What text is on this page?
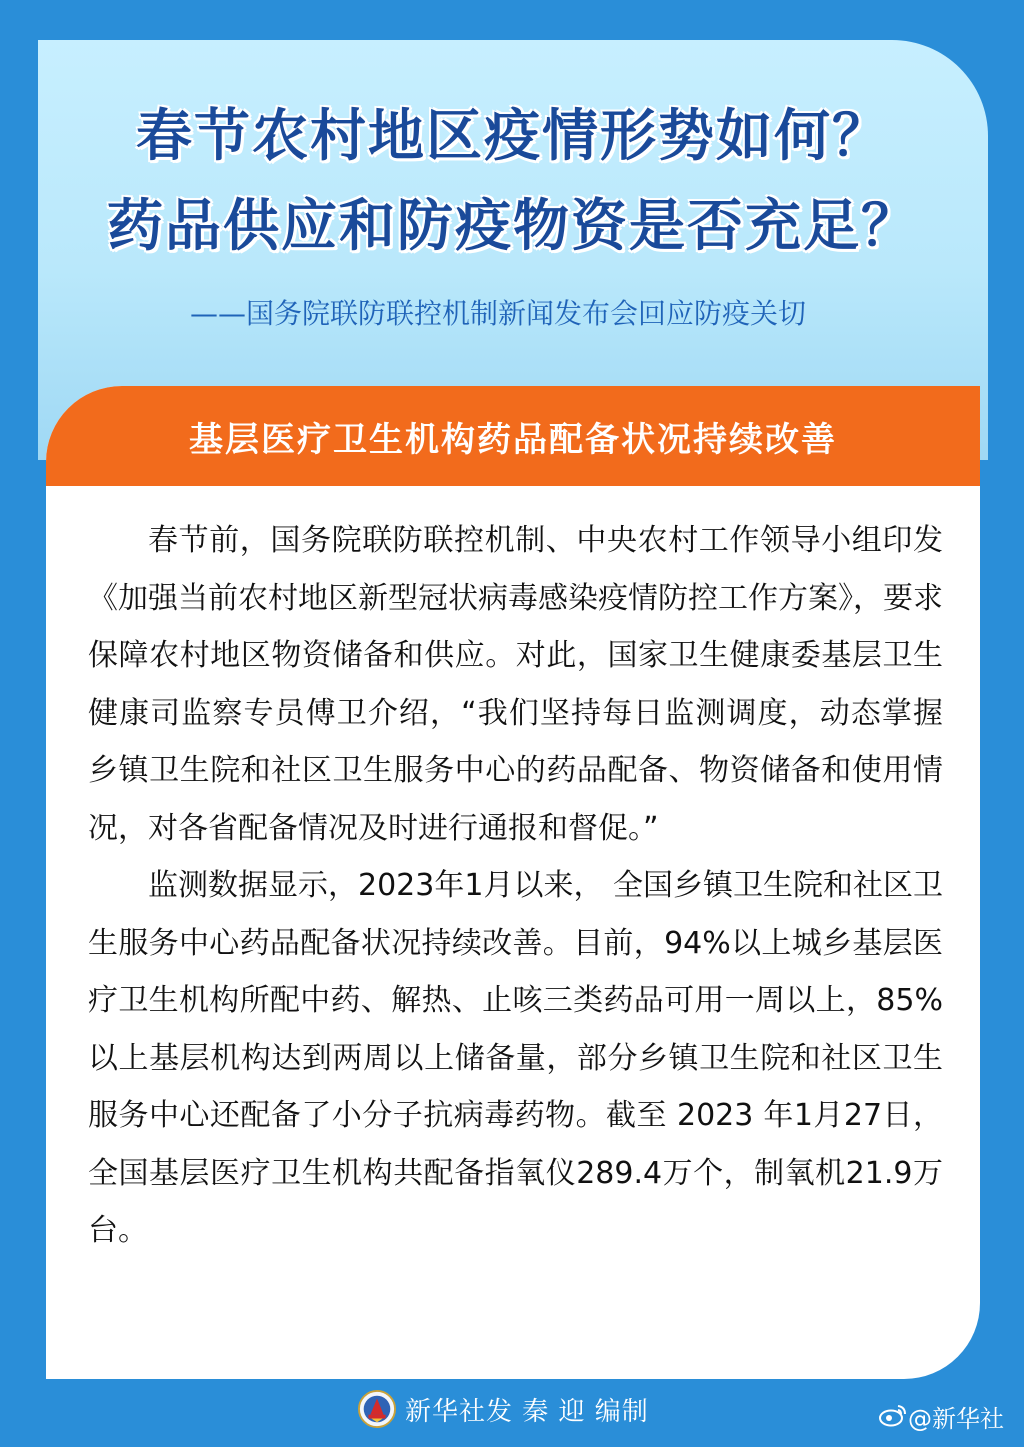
春节农村地区疫情形势如何？
药品供应和防疫物资是否充足？
——国务院联防联控机制新闻发布会回应防疫关切
基层医疗卫生机构药品配备状况持续改善

春节前，国务院联防联控机制、中央农村工作领导小组印发《加强当前农村地区新型冠状病毒感染疫情防控工作方案》，要求保障农村地区物资储备和供应。对此，国家卫生健康委基层卫生健康司监察专员傅卫介绍，“我们坚持每日监测调度，动态掌握乡镇卫生院和社区卫生服务中心的药品配备、物资储备和使用情况，对各省配备情况及时进行通报和督促。”

监测数据显示，2023年1月以来， 全国乡镇卫生院和社区卫生服务中心药品配备状况持续改善。目前，94%以上城乡基层医疗卫生机构所配中药、解热、止咳三类药品可用一周以上，85%以上基层机构达到两周以上储备量，部分乡镇卫生院和社区卫生服务中心还配备了小分子抗病毒药物。截至 2023 年1月27日， 全国基层医疗卫生机构共配备指氧仪289.4万个，制氧机21.9万台。

新华社发 秦 迎 编制	@新华社
